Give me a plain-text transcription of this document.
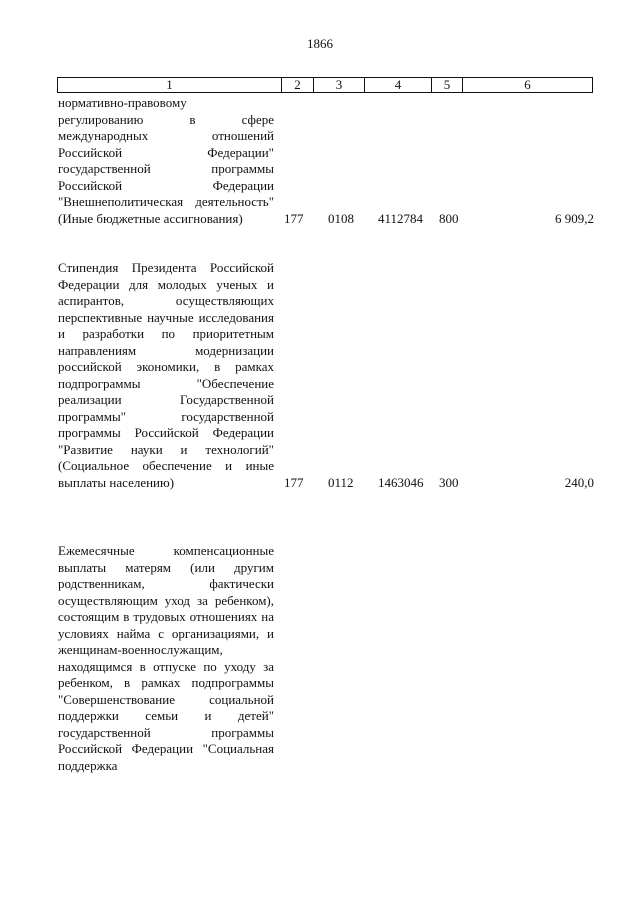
1866
1	2	3	4	5	6
нормативно-правовому регулированию в сфере международных отношений Российской Федерации" государственной программы Российской Федерации "Внешнеполитическая деятельность" (Иные бюджетные ассигнования)	177	0108	4112784	800	6 909,2
Стипендия Президента Российской Федерации для молодых ученых и аспирантов, осуществляющих перспективные научные исследования и разработки по приоритетным направлениям модернизации российской экономики, в рамках подпрограммы "Обеспечение реализации Государственной программы" государственной программы Российской Федерации "Развитие науки и технологий" (Социальное обеспечение и иные выплаты населению)	177	0112	1463046	300	240,0
Ежемесячные компенсационные выплаты матерям (или другим родственникам, фактически осуществляющим уход за ребенком), состоящим в трудовых отношениях на условиях найма с организациями, и женщинам-военнослужащим, находящимся в отпуске по уходу за ребенком, в рамках подпрограммы "Совершенствование социальной поддержки семьи и детей" государственной программы Российской Федерации "Социальная поддержка
